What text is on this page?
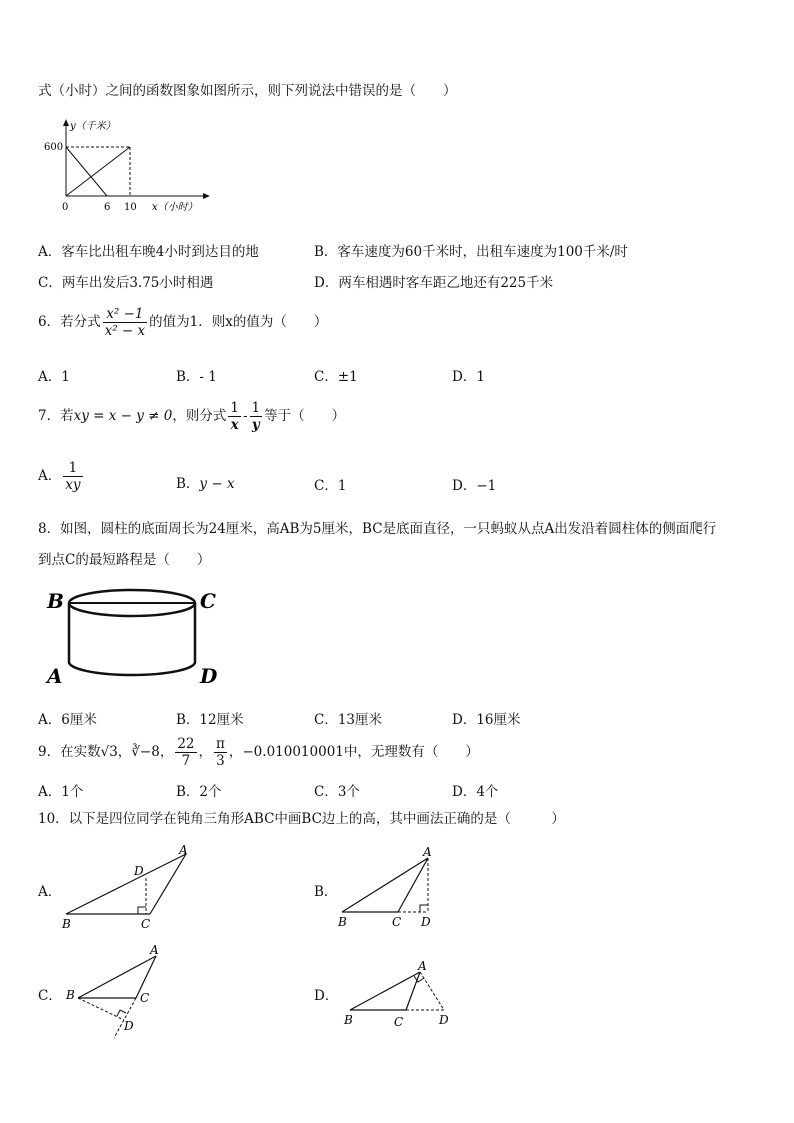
式（小时）之间的函数图象如图所示，则下列说法中错误的是（　　）
y（千米）
600
0	6 10 x（小时）
A．客车比出租车晚4小时到达目的地	B．客车速度为60千米时，出租车速度为100千米/时
C．两车出发后3.75小时相遇	D．两车相遇时客车距乙地还有225千米
6．若分式 $\frac{\text{x² −1}}{\text{x² − x}}$ 的值为1．则x的值为（　　）
A．1	B．- 1	C．±1	D．1
7．若xy = x − y ≠ 0，则分式 $\frac{1}{x} - \frac{1}{y}$ 等于（　　）
A． $\frac{1}{xy}$	B．y − x	C．1	D．−1
8．如图，圆柱的底面周长为24厘米，高AB为5厘米，BC是底面直径，一只蚂蚁从点A出发沿着圆柱体的侧面爬行
到点C的最短路程是（　　）
B	C
A	D
A．6厘米	B．12厘米	C．13厘米	D．16厘米
9．在实数√3，∛−8， $\frac{22}{7}$ ， $\frac{\pi}{3}$ ，−0.010010001中，无理数有（　　）
A．1个	B．2个	C．3个	D．4个
10．以下是四位同学在钝角三角形ABC中画BC边上的高，其中画法正确的是（　　　）
A．
B	C
A
D
B．
B	C
A
D
C． B	C
A
D
D．
B	C
A
D
